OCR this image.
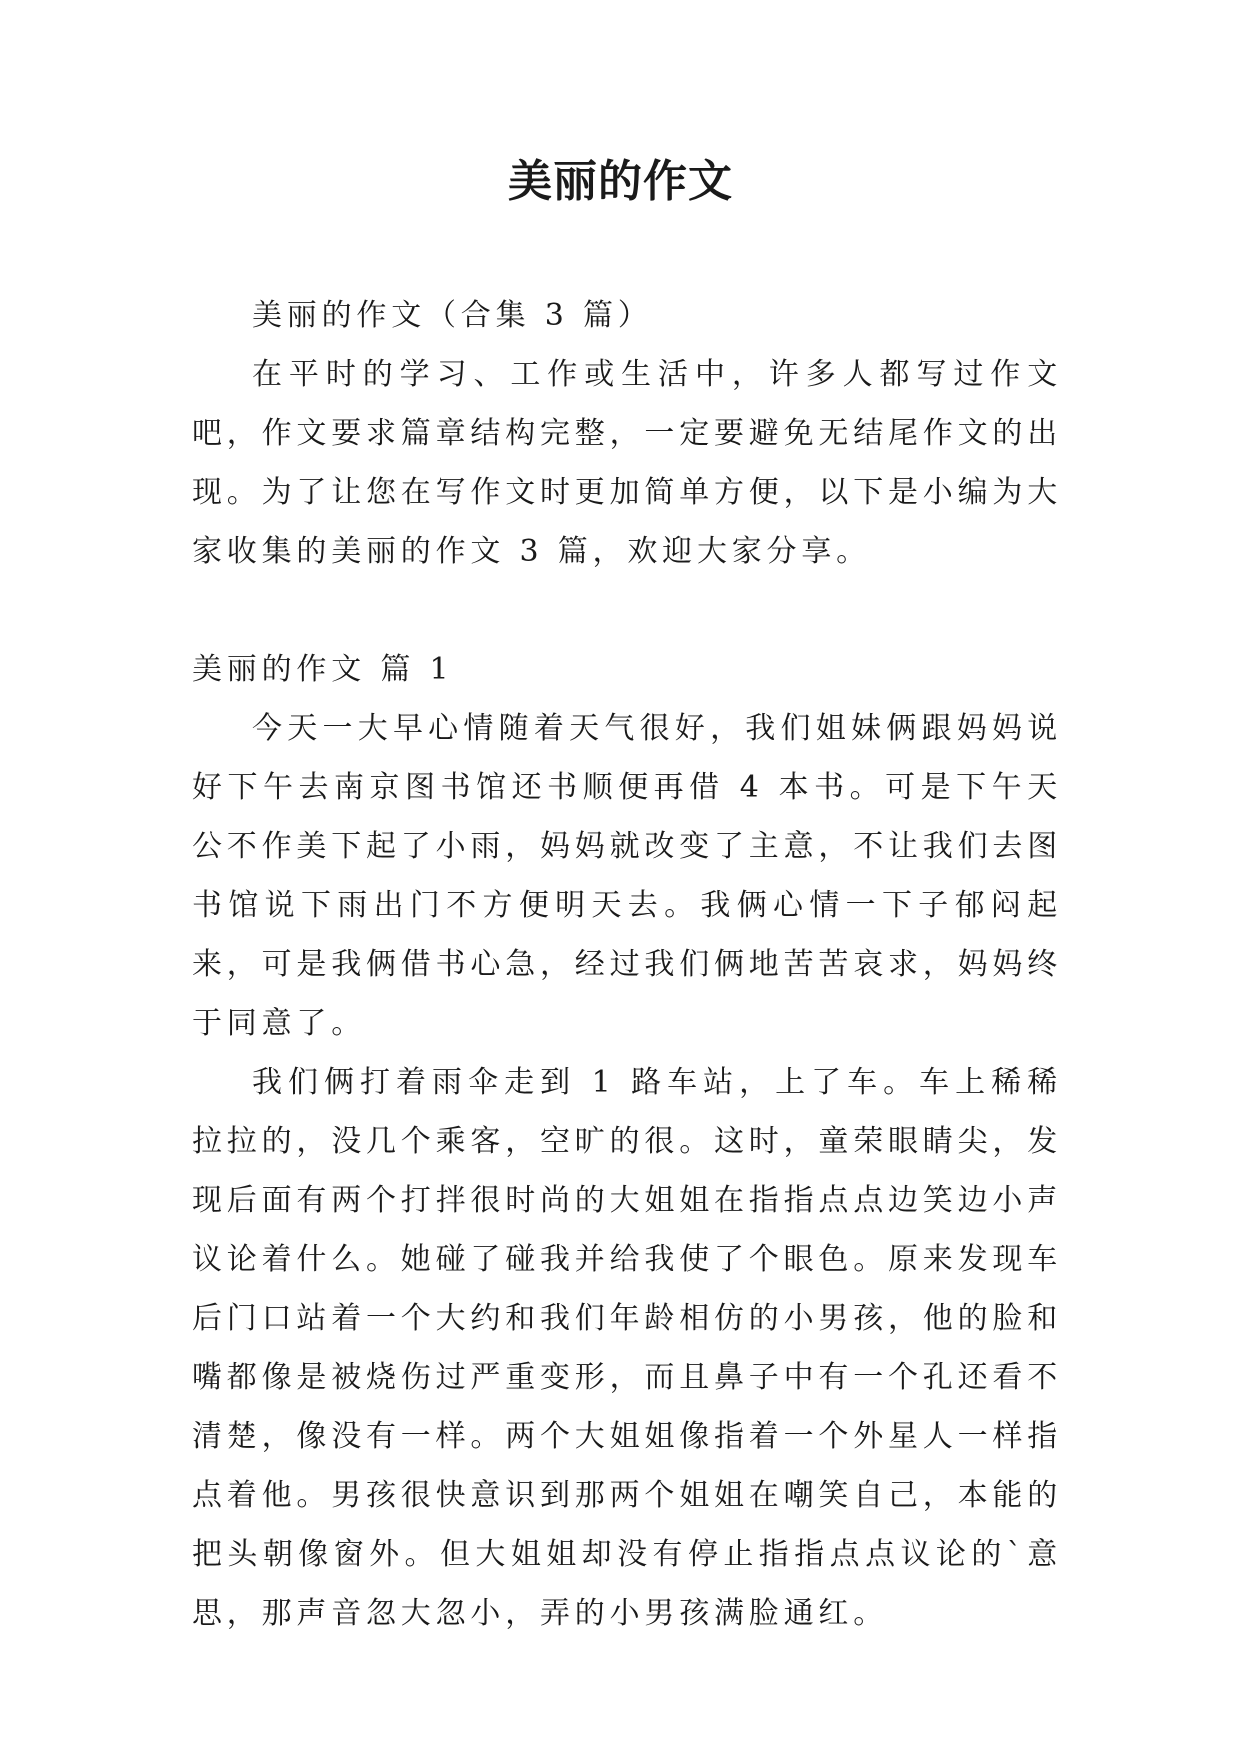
美丽的作文

美丽的作文（合集 3 篇）

在平时的学习、工作或生活中，许多人都写过作文吧，作文要求篇章结构完整，一定要避免无结尾作文的出现。为了让您在写作文时更加简单方便，以下是小编为大家收集的美丽的作文 3 篇，欢迎大家分享。

美丽的作文 篇 1

今天一大早心情随着天气很好，我们姐妹俩跟妈妈说好下午去南京图书馆还书顺便再借 4 本书。可是下午天公不作美下起了小雨，妈妈就改变了主意，不让我们去图书馆说下雨出门不方便明天去。我俩心情一下子郁闷起来，可是我俩借书心急，经过我们俩地苦苦哀求，妈妈终于同意了。

我们俩打着雨伞走到 1 路车站，上了车。车上稀稀拉拉的，没几个乘客，空旷的很。这时，童荣眼睛尖，发现后面有两个打拌很时尚的大姐姐在指指点点边笑边小声议论着什么。她碰了碰我并给我使了个眼色。原来发现车后门口站着一个大约和我们年龄相仿的小男孩，他的脸和嘴都像是被烧伤过严重变形，而且鼻子中有一个孔还看不清楚，像没有一样。两个大姐姐像指着一个外星人一样指点着他。男孩很快意识到那两个姐姐在嘲笑自己，本能的把头朝像窗外。但大姐姐却没有停止指指点点议论的`意思，那声音忽大忽小，弄的小男孩满脸通红。
